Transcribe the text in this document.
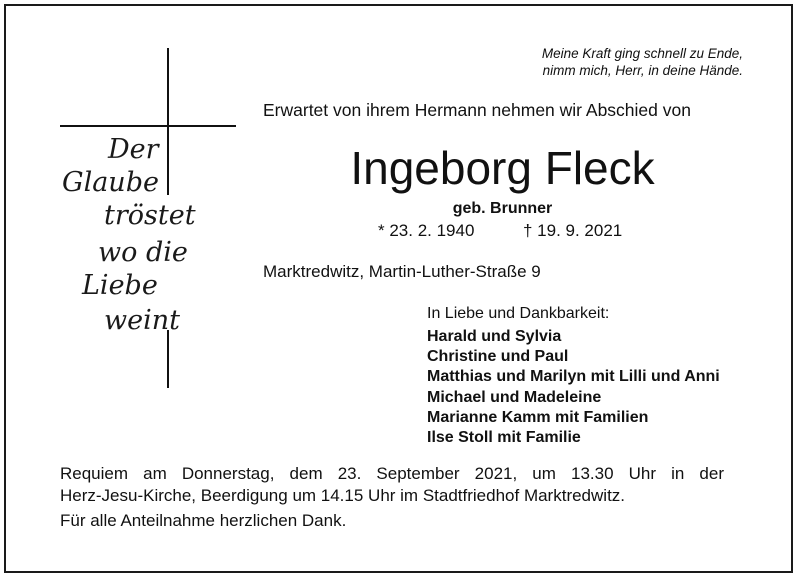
Der
Glaube
tröstet
wo die
Liebe
weint
Meine Kraft ging schnell zu Ende,
nimm mich, Herr, in deine Hände.
Erwartet von ihrem Hermann nehmen wir Abschied von
Ingeborg Fleck
geb. Brunner
* 23. 2. 1940	† 19. 9. 2021
Marktredwitz, Martin-Luther-Straße 9
In Liebe und Dankbarkeit:
Harald und Sylvia
Christine und Paul
Matthias und Marilyn mit Lilli und Anni
Michael und Madeleine
Marianne Kamm mit Familien
Ilse Stoll mit Familie
Requiem am Donnerstag, dem 23. September 2021, um 13.30 Uhr in der
Herz-Jesu-Kirche, Beerdigung um 14.15 Uhr im Stadtfriedhof Marktredwitz.
Für alle Anteilnahme herzlichen Dank.
